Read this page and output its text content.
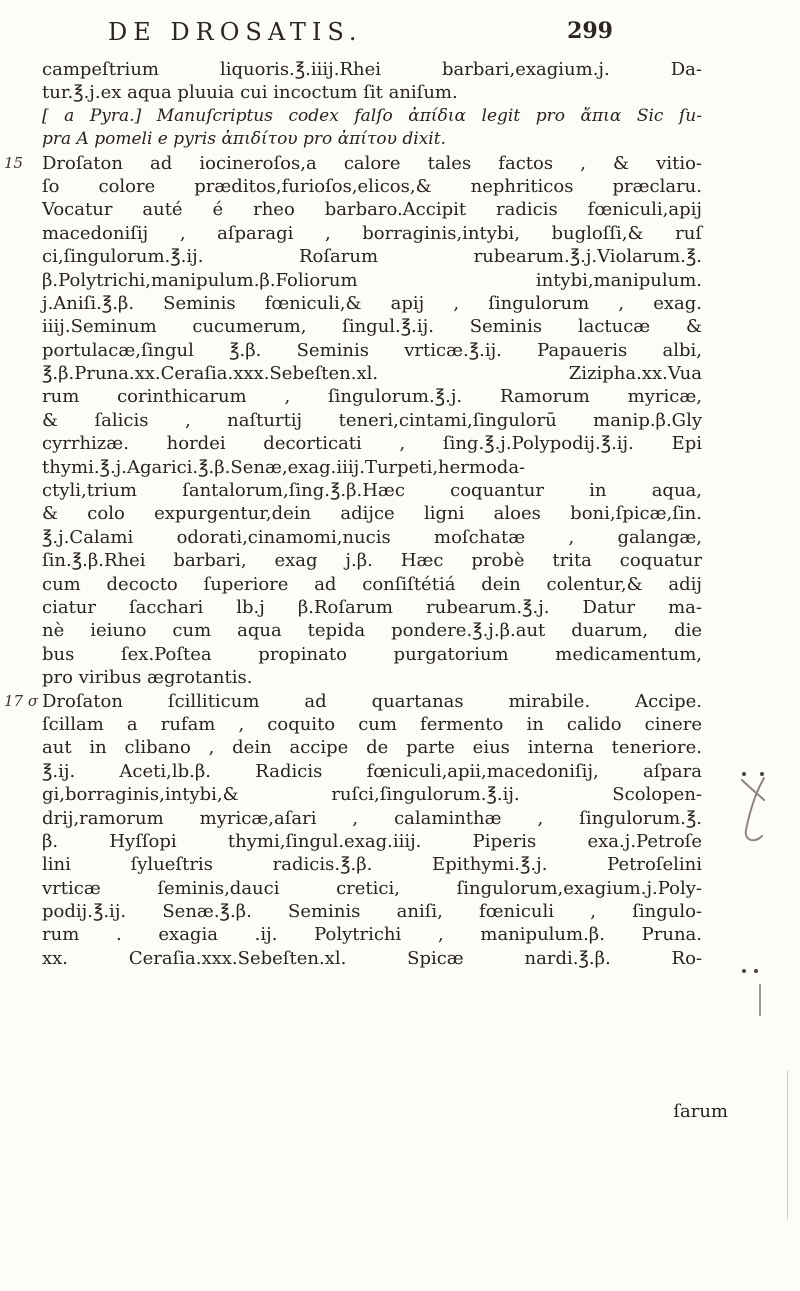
DE DROSATIS.	299
campeſtrium liquoris.℥.iiij.Rhei barbari,exagium.j. Da-
tur.℥.j.ex aqua pluuia cui incoctum ſit aniſum.
[ a Pyra.] Manuſcriptus codex falſo ἀπίδια legit pro ἄπια Sic ſu-
pra A pomeli e pyris ἀπιδίτου pro ἀπίτου dixit.
15 Droſaton ad iocineroſos,a calore tales factos , & vitio-
ſo colore præditos,furioſos,elicos,& nephriticos præclaru.
Vocatur auté é rheo barbaro.Accipit radicis fœniculi,apij
macedoniſij , aſparagi , borraginis,intybi, bugloſſi,& ruſ
ci,ſingulorum.℥.ij. Roſarum rubearum.℥.j.Violarum.℥.
β.Polytrichi,manipulum.β.Foliorum intybi,manipulum.
j.Aniſi.℥.β. Seminis fœniculi,& apij , ſingulorum , exag.
iiij.Seminum cucumerum, ſingul.℥.ij. Seminis lactucæ &
portulacæ,ſingul ℥.β. Seminis vrticæ.℥.ij. Papaueris albi,
℥.β.Pruna.xx.Ceraſia.xxx.Sebeſten.xl. Ziziphа.xx.Vua
rum corinthicarum , ſingulorum.℥.j. Ramorum myricæ,
& ſalicis , naſturtij teneri,cintami,ſingulorū manip.β.Gly
cyrrhizæ. hordei decorticati , ſing.℥.j.Polypodij.℥.ij. Epi
thymi.℥.j.Agarici.℥.β.Senæ,exag.iiij.Turpeti,hermoda-
ctyli,trium ſantalorum,ſing.℥.β.Hæc coquantur in aqua,
& colo expurgentur,dein adijce ligni aloes boni,ſpicæ,ſin.
℥.j.Calami odorati,cinamomi,nucis moſchatæ , galangæ,
ſin.℥.β.Rhei barbari, exag j.β. Hæc probè trita coquatur
cum decocto ſuperiore ad conſiſtétiá dein colentur,& adij
ciatur ſacchari lb.j β.Roſarum rubearum.℥.j. Datur ma-
nè ieiuno cum aqua tepida pondere.℥.j.β.aut duarum, die
bus ſex.Poſtea propinato purgatorium medicamentum,
pro viribus ægrotantis.
17 σ Droſaton ſcilliticum ad quartanas mirabile. Accipe.
ſcillam a rufam , coquito cum fermento in calido cinere
aut in clibano , dein accipe de parte eius interna teneriore.
℥.ij. Aceti,lb.β. Radicis fœniculi,apii,macedoniſij, aſpara
gi,borraginis,intybi,& ruſci,ſingulorum.℥.ij. Scolopen-
drij,ramorum myricæ,aſari , calaminthæ , ſingulorum.℥.
β. Hyſſopi thymi,ſingul.exag.iiij. Piperis exa.j.Petroſe
lini ſylueſtris radicis.℥.β. Epithymi.℥.j. Petroſelini
vrticæ ſeminis,dauci cretici, ſingulorum,exagium.j.Poly-
podij.℥.ij. Senæ.℥.β. Seminis aniſi, fœniculi , ſingulo-
rum . exagia .ij. Polytrichi , manipulum.β. Pruna.
xx. Ceraſia.xxx.Sebeſten.xl. Spicæ nardi.℥.β. Ro-
ſarum
